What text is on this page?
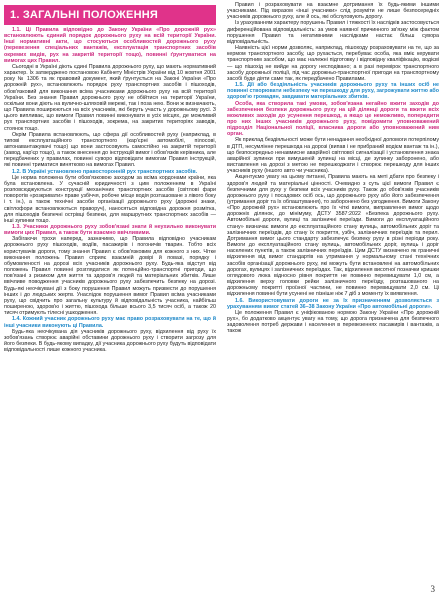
1. ЗАГАЛЬНІ ПОЛОЖЕННЯ

1.1. Ці Правила відповідно до Закону України «Про дорожній рух» встановлюють єдиний порядок дорожнього руху на всій території України. Інші нормативні акти, що стосуються особливостей дорожнього руху (перевезення спеціальних вантажів, експлуатація транспортних засобів окремих видів, рух на закритій території тощо), повинні ґрунтуватися на вимогах цих Правил.

Сьогодні в Україні діють єдині Правила дорожнього руху, що мають нормативний характер. Їх затверджено постановою Кабінету Міністрів України від 10 жовтня 2001 року № 1306 та як правовий документ, який ґрунтується на Законі України «Про дорожній рух», встановлюють порядок руху транспортних засобів і пішоходів, обов'язковий для виконання всіма учасниками дорожнього руху на всій території України. Без знання Правил дорожнього руху не обійтися на території України, оскільки вони діють на вулично-шляховій мережі, так і поза нею. Вони ж визначають, що Правила поширюються на всіх учасників, які беруть участь у дорожньому русі. З цього випливає, що вимоги Правил повинні виконувати в усіх місцях, де можливий рух транспортних засобів і пішоходів, зокрема, на закритих територіях заводів, стоянок тощо.

Окрім Правила встановлюють, що сфера дії особливостей руху (наприклад, в типові експлуатаційного транспортного (кар'єрні автомобілі, пілосові, автонавантажувачі тощо) що вони застосовують самостійно на закритій території (завод, кар'єр тощо), а також внесення до інструкцій вимог і обов'язків керівника, але передбачених у правилах, повинні суворо відповідати вимогам Правил інструкцій, які повинні триматися винятково на вимогах Правил.

1.2. В Україні установлено правосторонній рух транспортних засобів.

Це норма положена бути обов'язковою заходом за всіма кордонами країни, яка була встановлена. У сучасній юридичності з цим положенням в Україні розповсюджуються конструкції механічних транспортних засобів (світлові фари поворотів «розкривати» праве узбіччя, робоче місце водія розташоване з лівого боку і т. ін.), а також технічні засоби організації дорожнього руху (дорожні знаки, світлофори встановлюються праворуч), наносяться відповідна дорожня розмітка, для пішоходів безпечні острівці безпеки, для маршрутних транспортних засобів — інші зупинки тощо.

1.3. Учасники дорожнього руху зобов'язані знати й неухильно виконувати вимоги цих Правил, а також бути взаємно ввічливими.

Забігаючи трохи наперед, зазначимо, що Правила відповідно учасникам дорожнього руху пішоходів, водіїв, пасажирів і погоничів тварин. Тобто всіх користувачів дороги, тому знання Правил є обов'язковим для кожного з них. Чітке виконання положень Правил сприяє взаємній довірі й повазі, порядку і обумовленості на дорозі всіх учасників дорожнього руху. Будь-яка відступ від положень Правил повинні розглядатися як потенційно-транспортні пригоди, що пов'язані з ризиком для життя та здоров'я людей та матеріальних збитків. Лише ввічливе поводження учасників дорожнього руху забезпечить безпеку на дорозі. Будь-які неочікувані дії з боку порушення Правил можуть призвести до порушення інших і до людських жертв. Унаслідок порушення вимог Правил всіма учасниками руху, що свідчить про загальну культуру й відповідальність учасника, найбільш поширеною, здоров'ю і життю, пішохода більше всього 3,5 тисяч осіб, а також 20 тисяч отримують тілесні ушкодження.

1.4. Кожний учасник дорожнього руху має право розраховувати на те, що й інші учасники виконують ці Правила.

Будь-яка неочікувана дія учасників дорожнього руху, відхилення від руху їх зобов'язань створює аварійні обставини дорожнього руху і створити загрозу для його безпеки. В будь-якому випадку, дії учасника дорожнього руху будуть відповідати відповідальності лише кожного учасника.

Правил і розраховувати на взаємне дотримання їх будь-якими іншими учасниками. Під виразом «інші учасники» слід розуміти не лише безпосередніх учасників дорожнього руху, але й ось, які обслуговують дорогу.

Із урахуванням характеру порушень Правил і тяжкості їх наслідків застосовується диференційована відповідальність: за умов наявної причинного зв'язку між фактом порушення Правил та негативними наслідками настає більш сувора відповідальність.

Наявність цієї норми дозволяє, наприклад, пішоходу розраховувати на те, що за кермом транспортного засобу, що рухається, перебуває особа, яка вміє керувати транспортним засобом, що має належні підготовку і відповідну кваліфікацію, водієві — що пішохід не вийде на дорогу несподівано; а в разі перевірок транспортного засобу дорожньої поліції, під час дорожньо-транспортної пригоди на транспортному засобі буде діяти саме так, як передбачено Правилами.

1.5. Дії або бездіяльність учасників дорожнього руху та інших осіб не повинні створювати небезпеку чи перешкоду для руху, загрожувати життю або здоров'ю громадян, завдавати матеріальних збитків.

Особа, яка створила такі умови, зобов'язана негайно вжити заходів до забезпечення безпеки дорожнього руху на цій ділянці дороги та вжити всіх можливих заходів до усунення перешкод, а якщо це неможливо, попередити про них інших учасників дорожнього руху, повідомити уповноважений підрозділ Національної поліції, власника дороги або уповноважений ним орган.

Як приклад бездіяльності може бути ненадання необхідної допомоги потерпілому в ДТП, несумлінне перешкода на дорозі (випав і не прибраний водієм вантаж та ін.), що безпосередньо ненавмисне аварійної світлової сигналізації і установлення знака аварійної зупинки при вимушеній зупинці на місці, де зупинку заборонено, або виставлення на дорозі з метою не перешкоджати і створює перешкоду для інших учасників руху (іншого авто чи учасника).

Акцентуємо увагу на цьому питанні, Правила мають на меті дбати про безпеку і здоров'я людей та матеріальні цінності. Очевидно з суть цієї вимоги Правил є безпечними для руху у безпеки всіх учасників руху. Також до обов'язків учасників дорожнього руху і посадових осіб ось, що дорожнього руху або його забезпечення (утримання доріг та їх облаштування), то заборонено без узгодження. Вимоги Закону «Про дорожній рух» встановлюють про їх чіткі вимоги, виправлення вимог щодо дорожніх ділянок, до мінімуму, ДСТУ 3587:2022 «Безпека дорожнього руху. Автомобільні дороги, вулиці та залізничні переїзди. Вимоги до експлуатаційного стану» визначає вимоги до експлуатаційного стану вулиць, автомобільних доріг та залізничних переїздів, до стану їх покриття, узбіч, залізничних переїздів та перил. Дотримання вимог цього стандарту забезпечує безпеку руху в різні періоди року. Вимоги до експлуатаційного стану вулиць, автомобільних доріг, вулиць і доріг населених пунктів, а також залізничних переїздів. Цим ДСТУ визначено як граничні відхилення від вимог стандартів на утримання у нормальному стані технічних засобів організації дорожнього руху, які можуть бути встановлені на автомобільних дорогах, вулицях і залізничних переїздах. Так, відхилення висотної позначки кришки оглядового люка відносно рівня покриття не повинно перевищувати 1,0 см, а відхилення верху головки рейки залізничного переїзду, розташованого на дорожньому покритті проїзної частини, не повинно перевищувати 2,0 см. Ці відхилення повинні бути усунені не пізніше ніж 7 діб з моменту їх виявлення.

1.6. Використовувати дороги не за їх призначенням дозволяється з урахуванням вимог статей 36–38 Закону України «Про автомобільні дороги».

Це положення Правил є уніфікованою нормою Закону України «Про дорожній рух», бо додатково акцентує увагу на тому, що дорога призначена для безпечного задоволення потреб держави і населення в перевезеннях пасажирів і вантажів, а також

3
